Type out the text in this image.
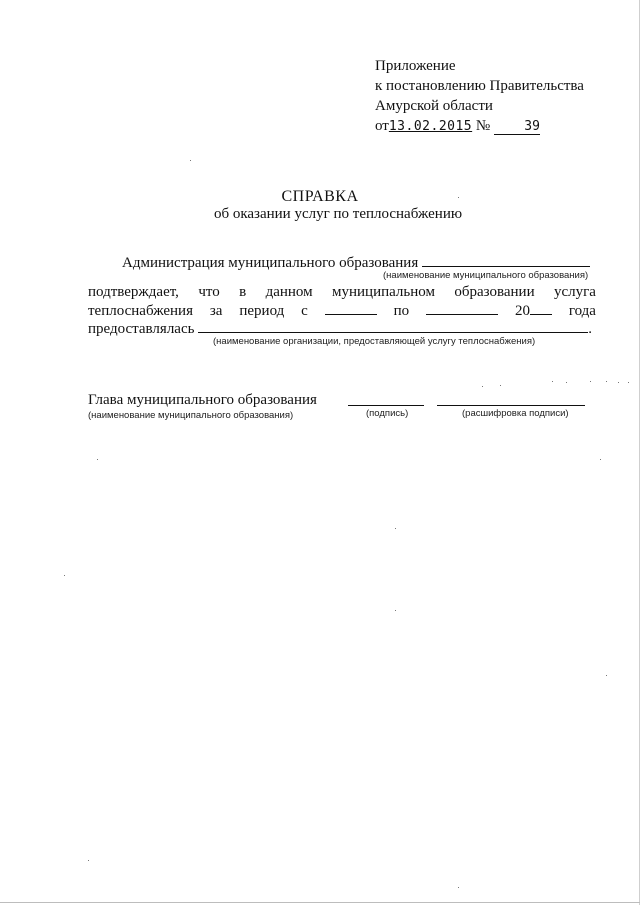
Приложение
к постановлению Правительства
Амурской области
от13.02.2015 №	39
СПРАВКА
об оказании услуг по теплоснабжению
Администрация муниципального образования
(наименование муниципального образования)
подтверждает, что в данном муниципальном образовании услуга
теплоснабжения за период с	по	20	года
предоставлялась	.
(наименование организации, предоставляющей услугу теплоснабжения)
Глава муниципального образования
(наименование муниципального образования)	(подпись)	(расшифровка подписи)
